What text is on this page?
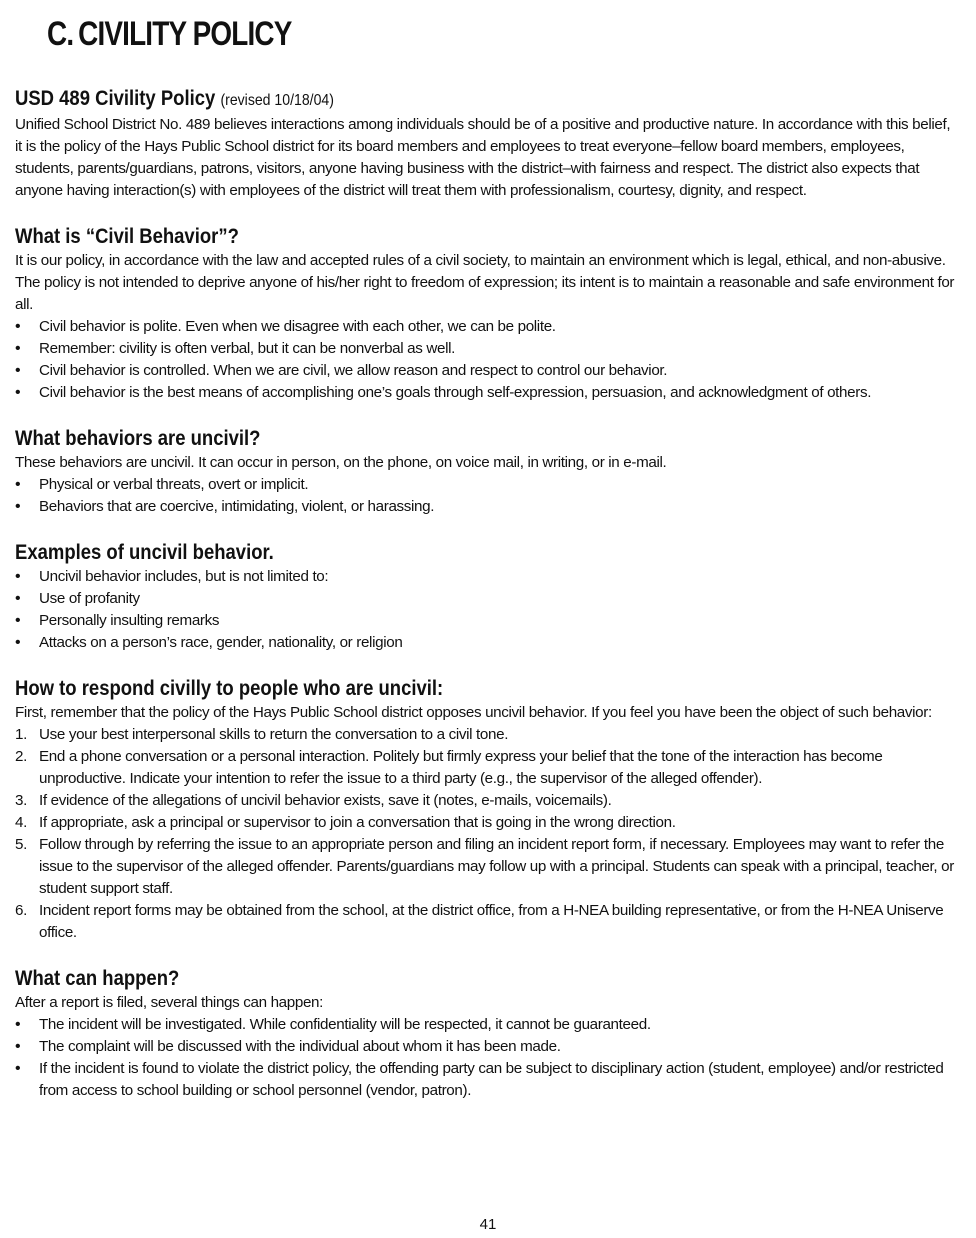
C. CIVILITY POLICY
USD 489 Civility Policy (revised 10/18/04)

Unified School District No. 489 believes interactions among individuals should be of a positive and productive nature. In accordance with this belief, it is the policy of the Hays Public School district for its board members and employees to treat everyone–fellow board members, employees, students, parents/guardians, patrons, visitors, anyone having business with the district–with fairness and respect. The district also expects that anyone having interaction(s) with employees of the district will treat them with professionalism, courtesy, dignity, and respect.

What is “Civil Behavior”?

It is our policy, in accordance with the law and accepted rules of a civil society, to maintain an environment which is legal, ethical, and non-abusive. The policy is not intended to deprive anyone of his/her right to freedom of expression; its intent is to maintain a reasonable and safe environment for all.

• Civil behavior is polite. Even when we disagree with each other, we can be polite.
• Remember: civility is often verbal, but it can be nonverbal as well.
• Civil behavior is controlled. When we are civil, we allow reason and respect to control our behavior.
• Civil behavior is the best means of accomplishing one’s goals through self-expression, persuasion, and acknowledgment of others.
What behaviors are uncivil?

These behaviors are uncivil. It can occur in person, on the phone, on voice mail, in writing, or in e-mail.

• Physical or verbal threats, overt or implicit.
• Behaviors that are coercive, intimidating, violent, or harassing.
Examples of uncivil behavior.
• Uncivil behavior includes, but is not limited to:
• Use of profanity
• Personally insulting remarks
• Attacks on a person’s race, gender, nationality, or religion
How to respond civilly to people who are uncivil:

First, remember that the policy of the Hays Public School district opposes uncivil behavior. If you feel you have been the object of such behavior:

1. Use your best interpersonal skills to return the conversation to a civil tone.
2. End a phone conversation or a personal interaction. Politely but firmly express your belief that the tone of the interaction has become unproductive. Indicate your intention to refer the issue to a third party (e.g., the supervisor of the alleged offender).
3. If evidence of the allegations of uncivil behavior exists, save it (notes, e-mails, voicemails).
4. If appropriate, ask a principal or supervisor to join a conversation that is going in the wrong direction.
5. Follow through by referring the issue to an appropriate person and filing an incident report form, if necessary. Employees may want to refer the issue to the supervisor of the alleged offender. Parents/guardians may follow up with a principal. Students can speak with a principal, teacher, or student support staff.
6. Incident report forms may be obtained from the school, at the district office, from a H-NEA building representative, or from the H-NEA Uniserve office.
What can happen?

After a report is filed, several things can happen:

• The incident will be investigated. While confidentiality will be respected, it cannot be guaranteed.
• The complaint will be discussed with the individual about whom it has been made.
• If the incident is found to violate the district policy, the offending party can be subject to disciplinary action (student, employee) and/or restricted from access to school building or school personnel (vendor, patron).
41
